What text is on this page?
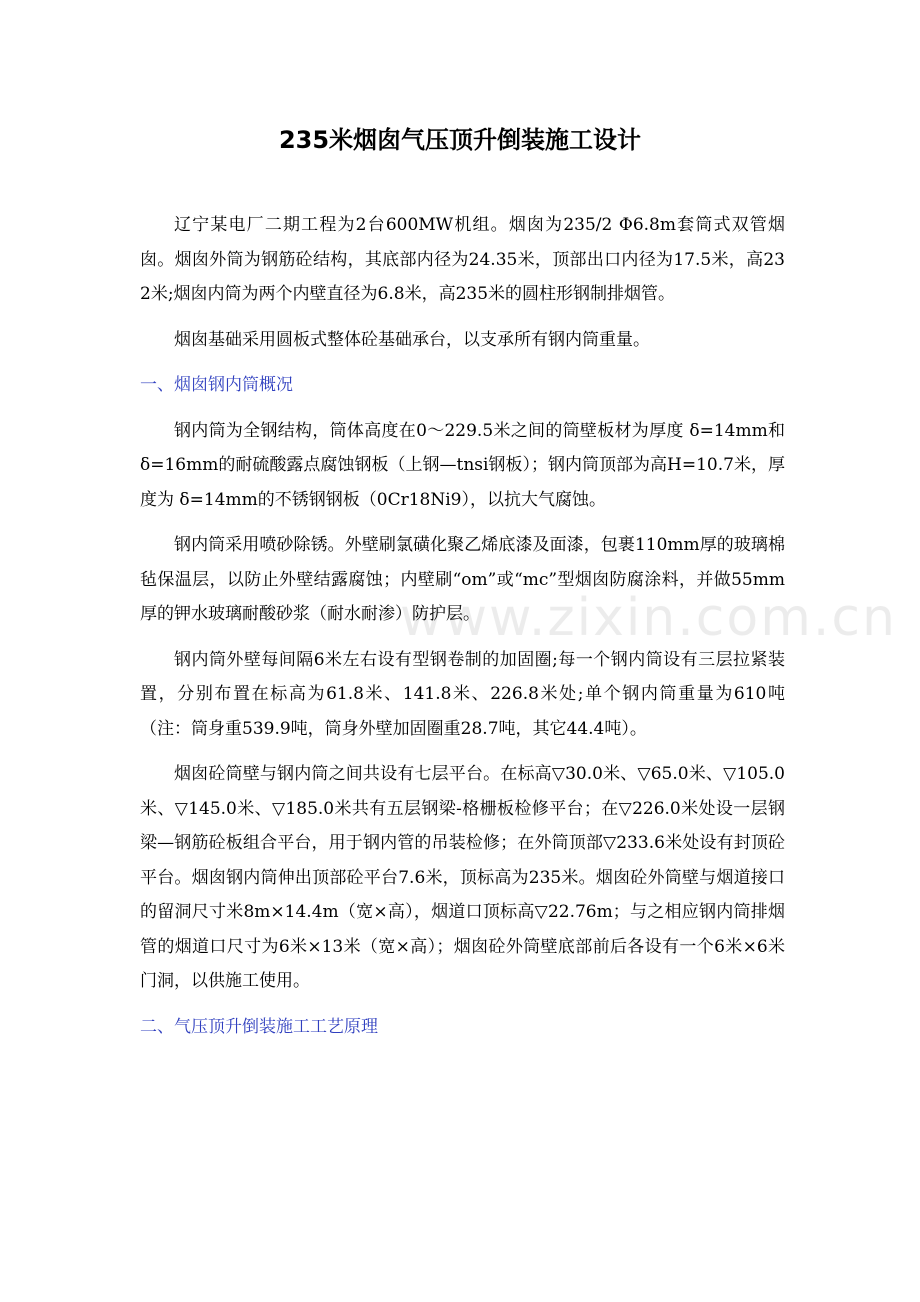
235米烟囱气压顶升倒装施工设计
www.zixin.com.cn

辽宁某电厂二期工程为2台600MW机组。烟囱为235/2 Φ6.8m套筒式双管烟囱。烟囱外筒为钢筋砼结构，其底部内径为24.35米，顶部出口内径为17.5米，高232米;烟囱内筒为两个内壁直径为6.8米，高235米的圆柱形钢制排烟管。

烟囱基础采用圆板式整体砼基础承台，以支承所有钢内筒重量。

一、烟囱钢内筒概况

钢内筒为全钢结构，筒体高度在0～229.5米之间的筒壁板材为厚度 δ=14mm和 δ=16mm的耐硫酸露点腐蚀钢板（上钢—tnsi钢板）；钢内筒顶部为高H=10.7米，厚度为 δ=14mm的不锈钢钢板（0Cr18Ni9），以抗大气腐蚀。

钢内筒采用喷砂除锈。外壁刷氯磺化聚乙烯底漆及面漆，包裹110mm厚的玻璃棉毡保温层，以防止外壁结露腐蚀；内壁刷“om”或“mc”型烟囱防腐涂料，并做55mm厚的钾水玻璃耐酸砂浆（耐水耐渗）防护层。

钢内筒外壁每间隔6米左右设有型钢卷制的加固圈;每一个钢内筒设有三层拉紧装置，分别布置在标高为61.8米、141.8米、226.8米处;单个钢内筒重量为610吨（注：筒身重539.9吨，筒身外壁加固圈重28.7吨，其它44.4吨）。

烟囱砼筒壁与钢内筒之间共设有七层平台。在标高▽30.0米、▽65.0米、▽105.0米、▽145.0米、▽185.0米共有五层钢梁-格栅板检修平台；在▽226.0米处设一层钢梁—钢筋砼板组合平台，用于钢内管的吊装检修；在外筒顶部▽233.6米处设有封顶砼平台。烟囱钢内筒伸出顶部砼平台7.6米，顶标高为235米。烟囱砼外筒壁与烟道接口的留洞尺寸米8m×14.4m（宽×高），烟道口顶标高▽22.76m；与之相应钢内筒排烟管的烟道口尺寸为6米×13米（宽×高）；烟囱砼外筒壁底部前后各设有一个6米×6米门洞，以供施工使用。

二、气压顶升倒装施工工艺原理
